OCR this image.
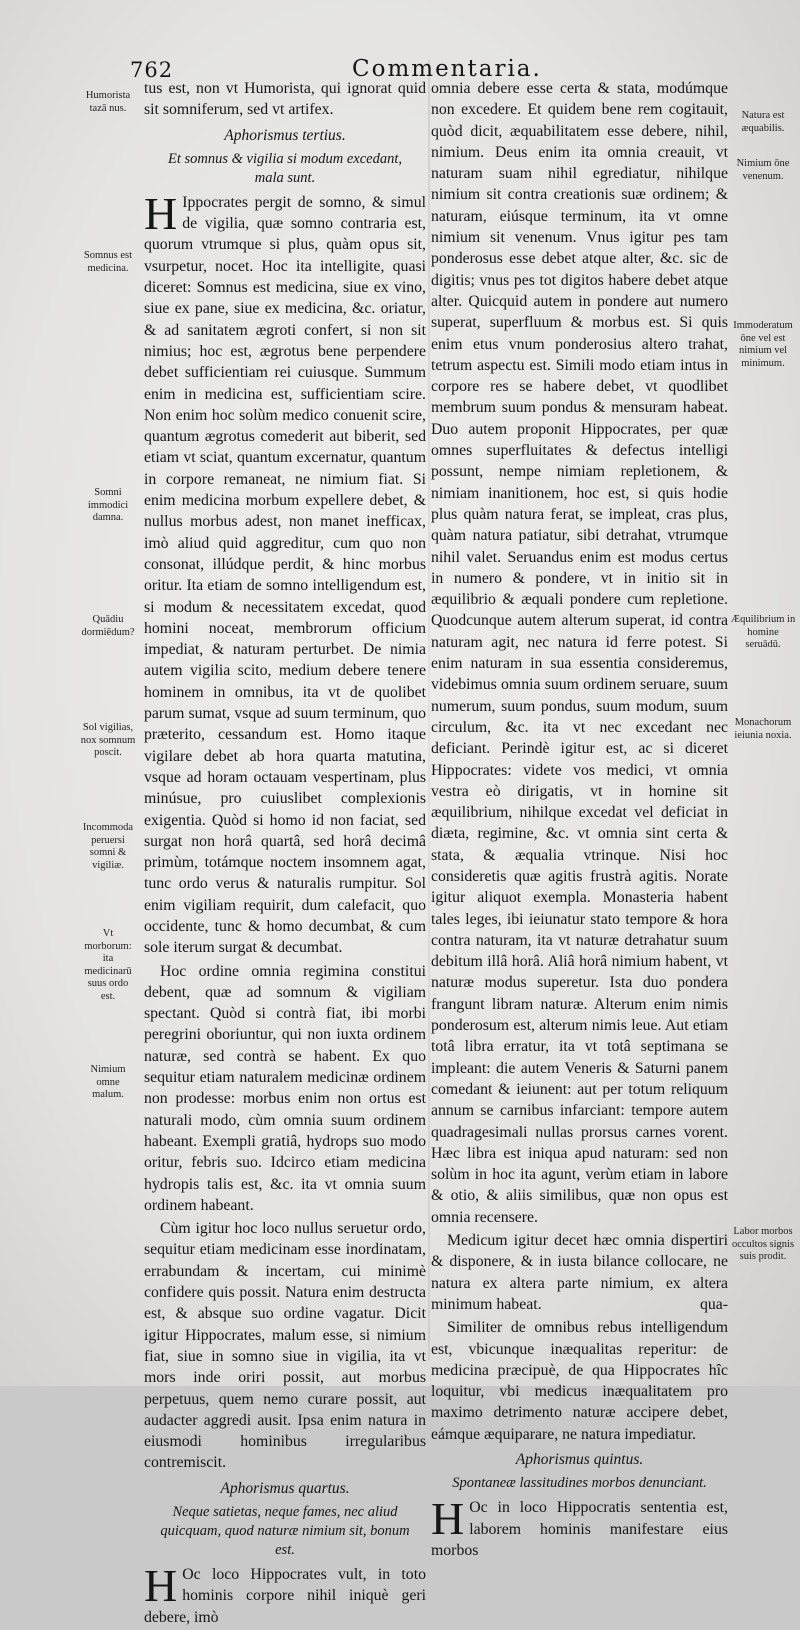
762	Commentaria.

tus est, non vt Humorista, qui ignorat quid sit somniferum, sed vt artifex.

Aphorismus tertius.

Et somnus & vigilia si modum excedant, mala sunt.

H Ippocrates pergit de somno, & simul de vigilia, quæ somno contraria est, quorum vtrumque si plus, quàm opus sit, vsurpetur, nocet. Hoc ita intelligite, quasi diceret: Somnus est medicina, siue ex vino, siue ex pane, siue ex medicina, &c. oriatur, & ad sanitatem ægroti confert, si non sit nimius; hoc est, ægrotus bene perpendere debet sufficientiam rei cuiusque. Summum enim in medicina est, sufficientiam scire. Non enim hoc solùm medico conuenit scire, quantum ægrotus comederit aut biberit, sed etiam vt sciat, quantum excernatur, quantum in corpore remaneat, ne nimium fiat. Si enim medicina morbum expellere debet, & nullus morbus adest, non manet inefficax, imò aliud quid aggreditur, cum quo non consonat, illúdque perdit, & hinc morbus oritur. Ita etiam de somno intelligendum est, si modum & necessitatem excedat, quod homini noceat, membrorum officium impediat, & naturam perturbet. De nimia autem vigilia scito, medium debere tenere hominem in omnibus, ita vt de quolibet parum sumat, vsque ad suum terminum, quo præterito, cessandum est. Homo itaque vigilare debet ab hora quarta matutina, vsque ad horam octauam vespertinam, plus minúsue, pro cuiuslibet complexionis exigentia. Quòd si homo id non faciat, sed surgat non horâ quartâ, sed horâ decimâ primùm, totámque noctem insomnem agat, tunc ordo verus & naturalis rumpitur. Sol enim vigiliam requirit, dum calefacit, quo occidente, tunc & homo decumbat, & cum sole iterum surgat & decumbat.

Hoc ordine omnia regimina constitui debent, quæ ad somnum & vigiliam spectant. Quòd si contrà fiat, ibi morbi peregrini oboriuntur, qui non iuxta ordinem naturæ, sed contrà se habent. Ex quo sequitur etiam naturalem medicinæ ordinem non prodesse: morbus enim non ortus est naturali modo, cùm omnia suum ordinem habeant. Exempli gratiâ, hydrops suo modo oritur, febris suo. Idcirco etiam medicina hydropis talis est, &c. ita vt omnia suum ordinem habeant.

Cùm igitur hoc loco nullus seruetur ordo, sequitur etiam medicinam esse inordinatam, errabundam & incertam, cui minimè confidere quis possit. Natura enim destructa est, & absque suo ordine vagatur. Dicit igitur Hippocrates, malum esse, si nimium fiat, siue in somno siue in vigilia, ita vt mors inde oriri possit, aut morbus perpetuus, quem nemo curare possit, aut audacter aggredi ausit. Ipsa enim natura in eiusmodi hominibus irregularibus contremiscit.

Aphorismus quartus.

Neque satietas, neque fames, nec aliud quicquam, quod naturæ nimium sit, bonum est.

H Oc loco Hippocrates vult, in toto hominis corpore nihil iniquè geri debere, imò

omnia debere esse certa & stata, modúmque non excedere. Et quidem bene rem cogitauit, quòd dicit, æquabilitatem esse debere, nihil, nimium. Deus enim ita omnia creauit, vt naturam suam nihil egrediatur, nihilque nimium sit contra creationis suæ ordinem; & naturam, eiúsque terminum, ita vt omne nimium sit venenum. Vnus igitur pes tam ponderosus esse debet atque alter, &c. sic de digitis; vnus pes tot digitos habere debet atque alter. Quicquid autem in pondere aut numero superat, superfluum & morbus est. Si quis enim etus vnum ponderosius altero trahat, tetrum aspectu est. Simili modo etiam intus in corpore res se habere debet, vt quodlibet membrum suum pondus & mensuram habeat. Duo autem proponit Hippocrates, per quæ omnes superfluitates & defectus intelligi possunt, nempe nimiam repletionem, & nimiam inanitionem, hoc est, si quis hodie plus quàm natura ferat, se impleat, cras plus, quàm natura patiatur, sibi detrahat, vtrumque nihil valet. Seruandus enim est modus certus in numero & pondere, vt in initio sit in æquilibrio & æquali pondere cum repletione. Quodcunque autem alterum superat, id contra naturam agit, nec natura id ferre potest. Si enim naturam in sua essentia consideremus, videbimus omnia suum ordinem seruare, suum numerum, suum pondus, suum modum, suum circulum, &c. ita vt nec excedant nec deficiant. Perindè igitur est, ac si diceret Hippocrates: videte vos medici, vt omnia vestra eò dirigatis, vt in homine sit æquilibrium, nihilque excedat vel deficiat in diæta, regimine, &c. vt omnia sint certa & stata, & æqualia vtrinque. Nisi hoc consideretis quæ agitis frustrà agitis. Norate igitur aliquot exempla. Monasteria habent tales leges, ibi ieiunatur stato tempore & hora contra naturam, ita vt naturæ detrahatur suum debitum illâ horâ. Aliâ horâ nimium habent, vt naturæ modus superetur. Ista duo pondera frangunt libram naturæ. Alterum enim nimis ponderosum est, alterum nimis leue. Aut etiam totâ libra erratur, ita vt totâ septimana se impleant: die autem Veneris & Saturni panem comedant & ieiunent: aut per totum reliquum annum se carnibus infarciant: tempore autem quadragesimali nullas prorsus carnes vorent. Hæc libra est iniqua apud naturam: sed non solùm in hoc ita agunt, verùm etiam in labore & otio, & aliis similibus, quæ non opus est omnia recensere.

Medicum igitur decet hæc omnia dispertiri & disponere, & in iusta bilance collocare, ne natura ex altera parte nimium, ex altera minimum habeat.

Similiter de omnibus rebus intelligendum est, vbicunque inæqualitas reperitur: de medicina præcipuè, de qua Hippocrates hîc loquitur, vbi medicus inæqualitatem pro maximo detrimento naturæ accipere debet, eámque æquiparare, ne natura impediatur.

Aphorismus quintus.

Spontaneæ lassitudines morbos denunciant.

H Oc in loco Hippocratis sententia est, laborem hominis manifestare eius morbos

Humorista tazā nus.
Somnus est medicina.
Somni immodici damna.
Quādiu dormiēdum?
Sol vigilias, nox somnum poscit.
Incommoda peruersi somni & vigiliæ.
Vt morborum: ita medicinarū suus ordo est.
Nimium omne malum.
Natura est æquabilis.
Nimium ōne venenum.
Immoderatum ōne vel est nimium vel minimum.
Æquilibrium in homine seruādū.
Monachorum ieiunia noxia.
Labor morbos occultos signis suis prodit.
qua-
